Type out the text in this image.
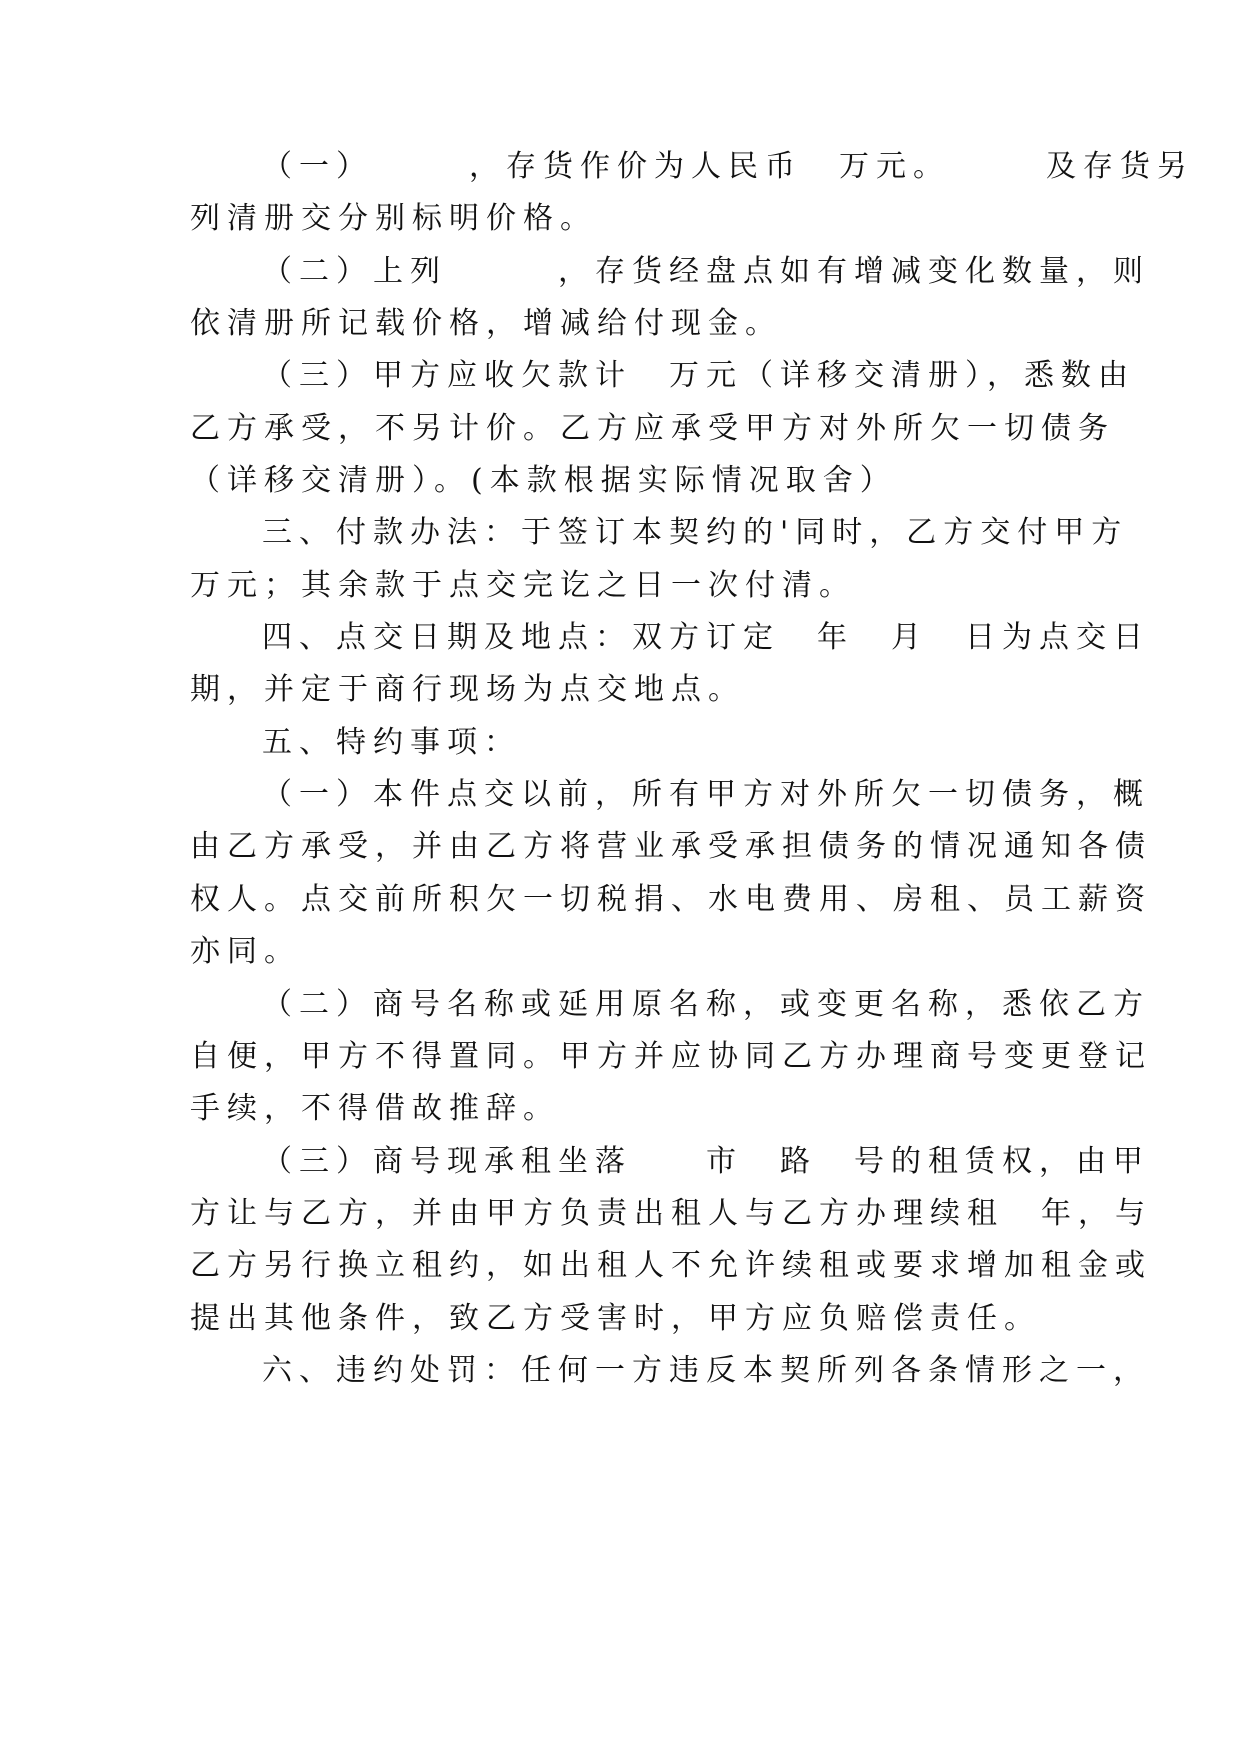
（一）　　　，存货作价为人民币　万元。　　　及存货另
列清册交分别标明价格。
（二）上列　　　，存货经盘点如有增减变化数量，则
依清册所记载价格，增减给付现金。
（三）甲方应收欠款计　万元（详移交清册），悉数由
乙方承受，不另计价。乙方应承受甲方对外所欠一切债务
（详移交清册）。(本款根据实际情况取舍）
三、付款办法：于签订本契约的'同时，乙方交付甲方
万元；其余款于点交完讫之日一次付清。
四、点交日期及地点：双方订定　年　月　日为点交日
期，并定于商行现场为点交地点。
五、特约事项：
（一）本件点交以前，所有甲方对外所欠一切债务，概
由乙方承受，并由乙方将营业承受承担债务的情况通知各债
权人。点交前所积欠一切税捐、水电费用、房租、员工薪资
亦同。
（二）商号名称或延用原名称，或变更名称，悉依乙方
自便，甲方不得置同。甲方并应协同乙方办理商号变更登记
手续，不得借故推辞。
（三）商号现承租坐落　　市　路　号的租赁权，由甲
方让与乙方，并由甲方负责出租人与乙方办理续租　年，与
乙方另行换立租约，如出租人不允许续租或要求增加租金或
提出其他条件，致乙方受害时，甲方应负赔偿责任。
六、违约处罚：任何一方违反本契所列各条情形之一，
